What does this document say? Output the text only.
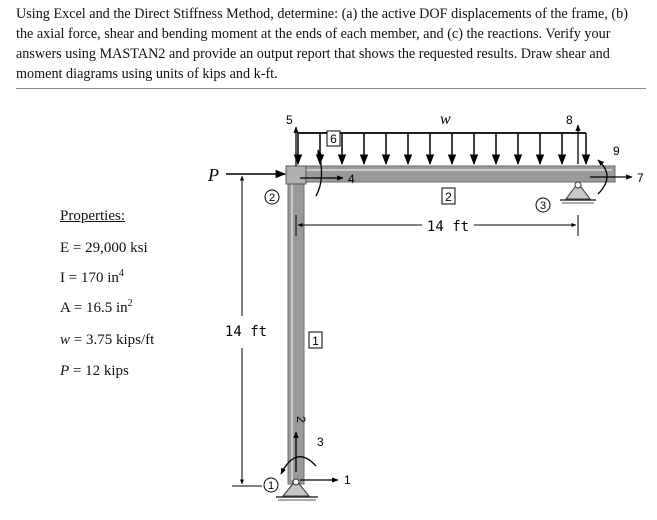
Using Excel and the Direct Stiffness Method, determine: (a) the active DOF displacements of the frame, (b) the axial force, shear and bending moment at the ends of each member, and (c) the reactions. Verify your answers using MASTAN2 and provide an output report that shows the requested results. Draw shear and moment diagrams using units of kips and k-ft.

Properties:
E = 29,000 ksi
I = 170 $in^4$
A = 16.5 $in^2$
w = 3.75 kips/ft
P = 12 kips
w
P
1
2
3
1
2
14 ft
14 ft
1
2
3
4
5
6
7
8
9
